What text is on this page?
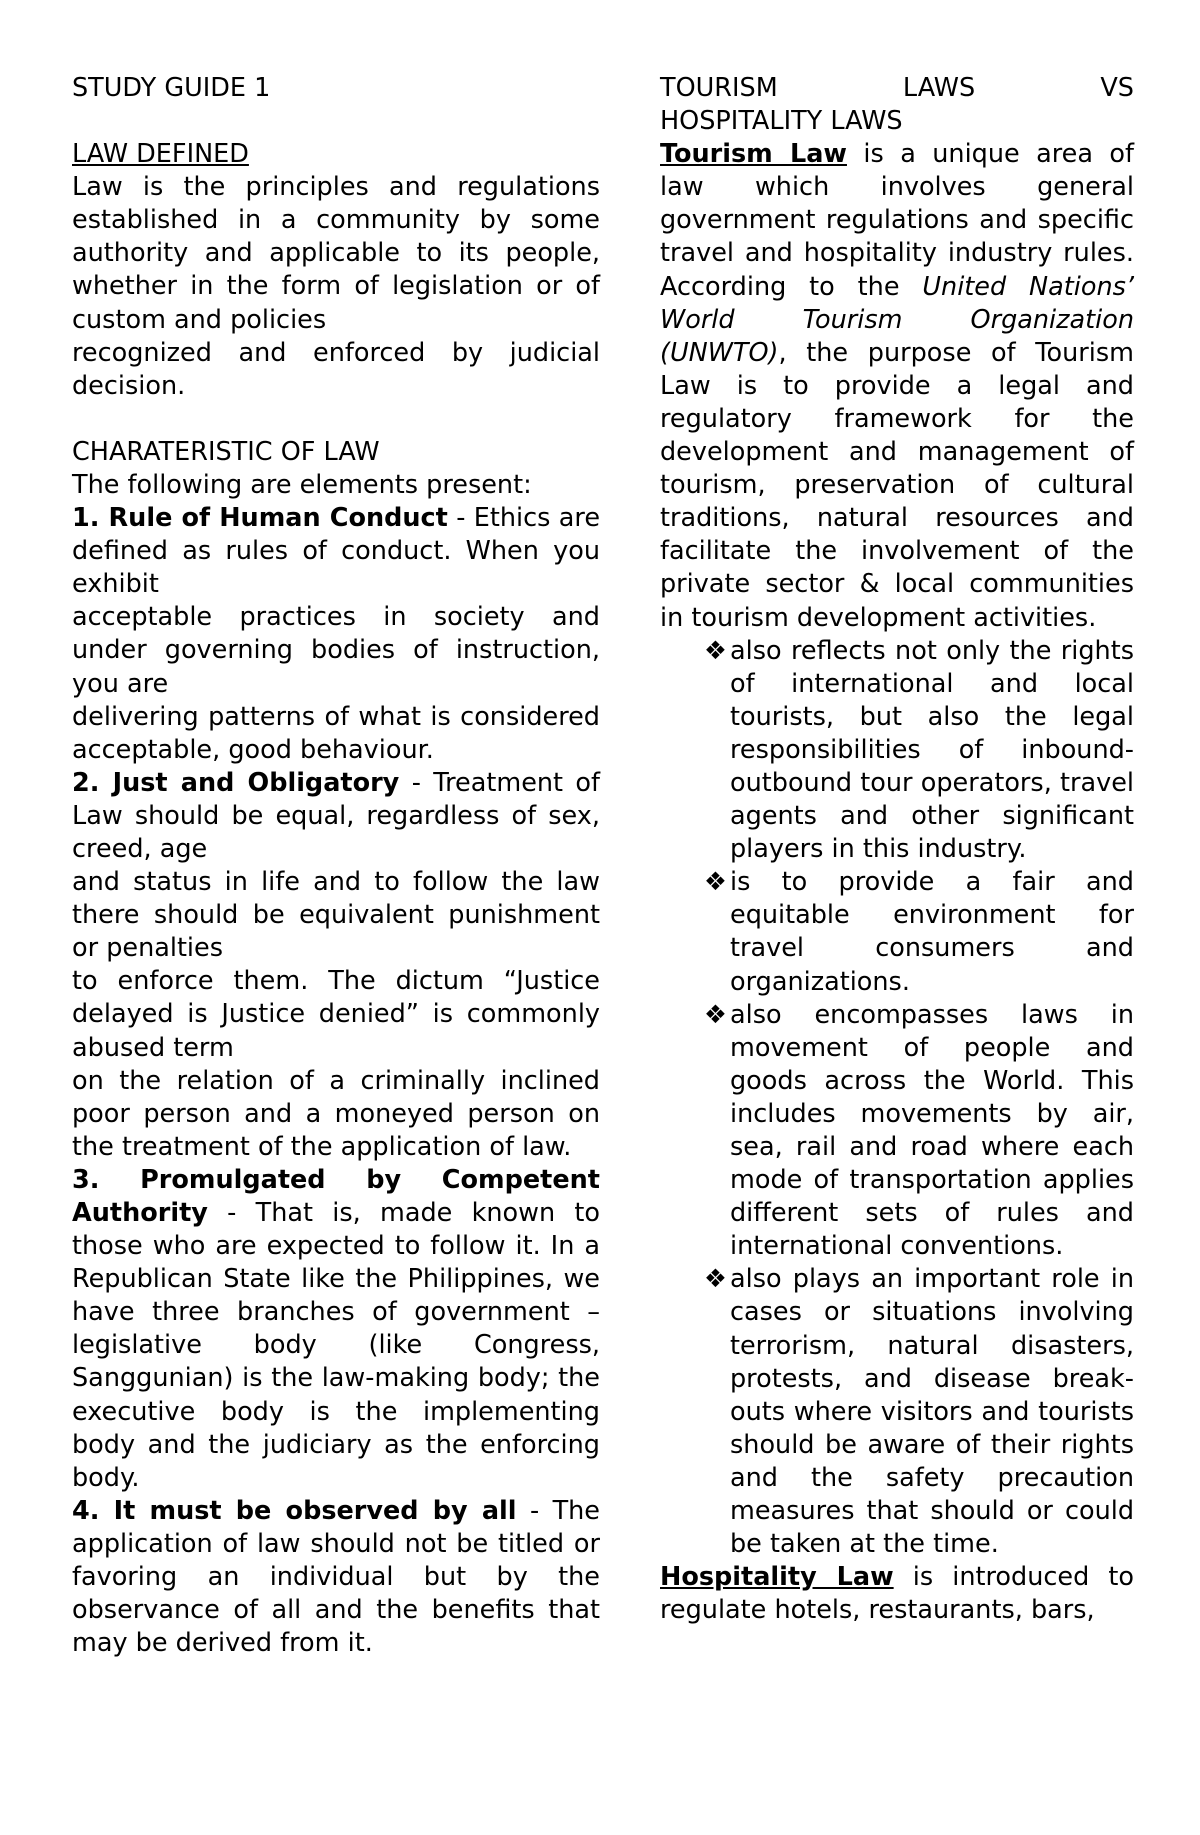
STUDY GUIDE 1

LAW DEFINED

Law is the principles and regulations established in a community by some authority and applicable to its people, whether in the form of legislation or of custom and policies

recognized and enforced by judicial decision.

CHARATERISTIC OF LAW

The following are elements present:

1. Rule of Human Conduct - Ethics are defined as rules of conduct. When you exhibit

acceptable practices in society and under governing bodies of instruction, you are

delivering patterns of what is considered acceptable, good behaviour.

2. Just and Obligatory - Treatment of Law should be equal, regardless of sex, creed, age

and status in life and to follow the law there should be equivalent punishment or penalties

to enforce them. The dictum “Justice delayed is Justice denied” is commonly abused term

on the relation of a criminally inclined poor person and a moneyed person on the treatment of the application of law.

3. Promulgated by Competent Authority - That is, made known to those who are expected to follow it. In a Republican State like the Philippines, we have three branches of government – legislative body (like Congress, Sanggunian) is the law-making body; the executive body is the implementing body and the judiciary as the enforcing body.

4. It must be observed by all - The application of law should not be titled or favoring an individual but by the observance of all and the benefits that may be derived from it.

TOURISM LAWS VS

HOSPITALITY LAWS

Tourism Law is a unique area of law which involves general government regulations and specific travel and hospitality industry rules. According to the United Nations’ World Tourism Organization (UNWTO), the purpose of Tourism Law is to provide a legal and regulatory framework for the development and management of tourism, preservation of cultural traditions, natural resources and facilitate the involvement of the private sector & local communities in tourism development activities.

❖ also reflects not only the rights of international and local tourists, but also the legal responsibilities of inbound-outbound tour operators, travel agents and other significant players in this industry.
❖ is to provide a fair and equitable environment for travel consumers and organizations.
❖ also encompasses laws in movement of people and goods across the World. This includes movements by air, sea, rail and road where each mode of transportation applies different sets of rules and international conventions.
❖ also plays an important role in cases or situations involving terrorism, natural disasters, protests, and disease break-outs where visitors and tourists should be aware of their rights and the safety precaution measures that should or could be taken at the time.

Hospitality Law is introduced to regulate hotels, restaurants, bars,
